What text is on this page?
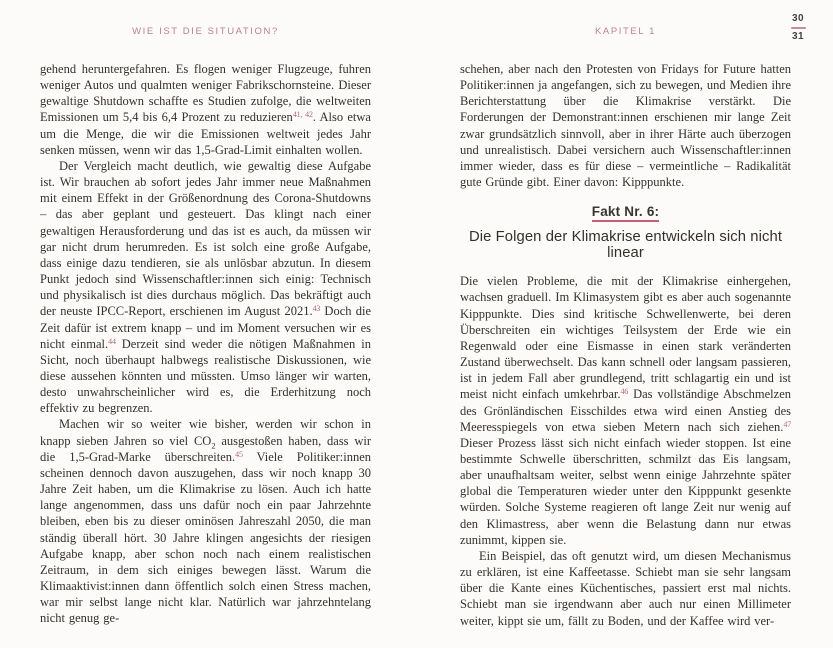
WIE IST DIE SITUATION?	KAPITEL 1
30
31

gehend heruntergefahren. Es flogen weniger Flugzeuge, fuhren weniger Autos und qualmten weniger Fabrikschornsteine. Dieser gewaltige Shutdown schaffte es Studien zufolge, die weltweiten Emissionen um 5,4 bis 6,4 Prozent zu reduzieren$^{41, 42}$. Also etwa um die Menge, die wir die Emissionen weltweit jedes Jahr senken müssen, wenn wir das 1,5-Grad-Limit einhalten wollen.

Der Vergleich macht deutlich, wie gewaltig diese Aufgabe ist. Wir brauchen ab sofort jedes Jahr immer neue Maßnahmen mit einem Effekt in der Größenordnung des Corona-Shutdowns – das aber geplant und gesteuert. Das klingt nach einer gewaltigen Herausforderung und das ist es auch, da müssen wir gar nicht drum herumreden. Es ist solch eine große Aufgabe, dass einige dazu tendieren, sie als unlösbar abzutun. In diesem Punkt jedoch sind Wissenschaftler:innen sich einig: Technisch und physikalisch ist dies durchaus möglich. Das bekräftigt auch der neuste IPCC-Report, erschienen im August 2021.43 Doch die Zeit dafür ist extrem knapp – und im Moment versuchen wir es nicht einmal.$^{44}$ Derzeit sind weder die nötigen Maßnahmen in Sicht, noch überhaupt halbwegs realistische Diskussionen, wie diese aussehen könnten und müssten. Umso länger wir warten, desto unwahrscheinlicher wird es, die Erderhitzung noch effektiv zu begrenzen.

Machen wir so weiter wie bisher, werden wir schon in knapp sieben Jahren so viel $CO_2$ ausgestoßen haben, dass wir die 1,5-Grad-Marke überschreiten.$^{45}$ Viele Politiker:innen scheinen dennoch davon auszugehen, dass wir noch knapp 30 Jahre Zeit haben, um die Klimakrise zu lösen. Auch ich hatte lange angenommen, dass uns dafür noch ein paar Jahrzehnte bleiben, eben bis zu dieser ominösen Jahreszahl 2050, die man ständig überall hört. 30 Jahre klingen angesichts der riesigen Aufgabe knapp, aber schon noch nach einem realistischen Zeitraum, in dem sich einiges bewegen lässt. Warum die Klimaaktivist:innen dann öffentlich solch einen Stress machen, war mir selbst lange nicht klar. Natürlich war jahrzehntelang nicht genug ge-

schehen, aber nach den Protesten von Fridays for Future hatten Politiker:innen ja angefangen, sich zu bewegen, und Medien ihre Berichterstattung über die Klimakrise verstärkt. Die Forderungen der Demonstrant:innen erschienen mir lange Zeit zwar grundsätzlich sinnvoll, aber in ihrer Härte auch überzogen und unrealistisch. Dabei versichern auch Wissenschaftler:innen immer wieder, dass es für diese – vermeintliche – Radikalität gute Gründe gibt. Einer davon: Kipppunkte.

Fakt Nr. 6:
Die Folgen der Klimakrise entwickeln sich nicht linear

Die vielen Probleme, die mit der Klimakrise einhergehen, wachsen graduell. Im Klimasystem gibt es aber auch sogenannte Kipppunkte. Dies sind kritische Schwellenwerte, bei deren Überschreiten ein wichtiges Teilsystem der Erde wie ein Regenwald oder eine Eismasse in einen stark veränderten Zustand überwechselt. Das kann schnell oder langsam passieren, ist in jedem Fall aber grundlegend, tritt schlagartig ein und ist meist nicht einfach umkehrbar.$^{46}$ Das vollständige Abschmelzen des Grönländischen Eisschildes etwa wird einen Anstieg des Meeresspiegels von etwa sieben Metern nach sich ziehen.$^{47}$ Dieser Prozess lässt sich nicht einfach wieder stoppen. Ist eine bestimmte Schwelle überschritten, schmilzt das Eis langsam, aber unaufhaltsam weiter, selbst wenn einige Jahrzehnte später global die Temperaturen wieder unter den Kipppunkt gesenkte würden. Solche Systeme reagieren oft lange Zeit nur wenig auf den Klimastress, aber wenn die Belastung dann nur etwas zunimmt, kippen sie.

Ein Beispiel, das oft genutzt wird, um diesen Mechanismus zu erklären, ist eine Kaffeetasse. Schiebt man sie sehr langsam über die Kante eines Küchentisches, passiert erst mal nichts. Schiebt man sie irgendwann aber auch nur einen Millimeter weiter, kippt sie um, fällt zu Boden, und der Kaffee wird ver-
